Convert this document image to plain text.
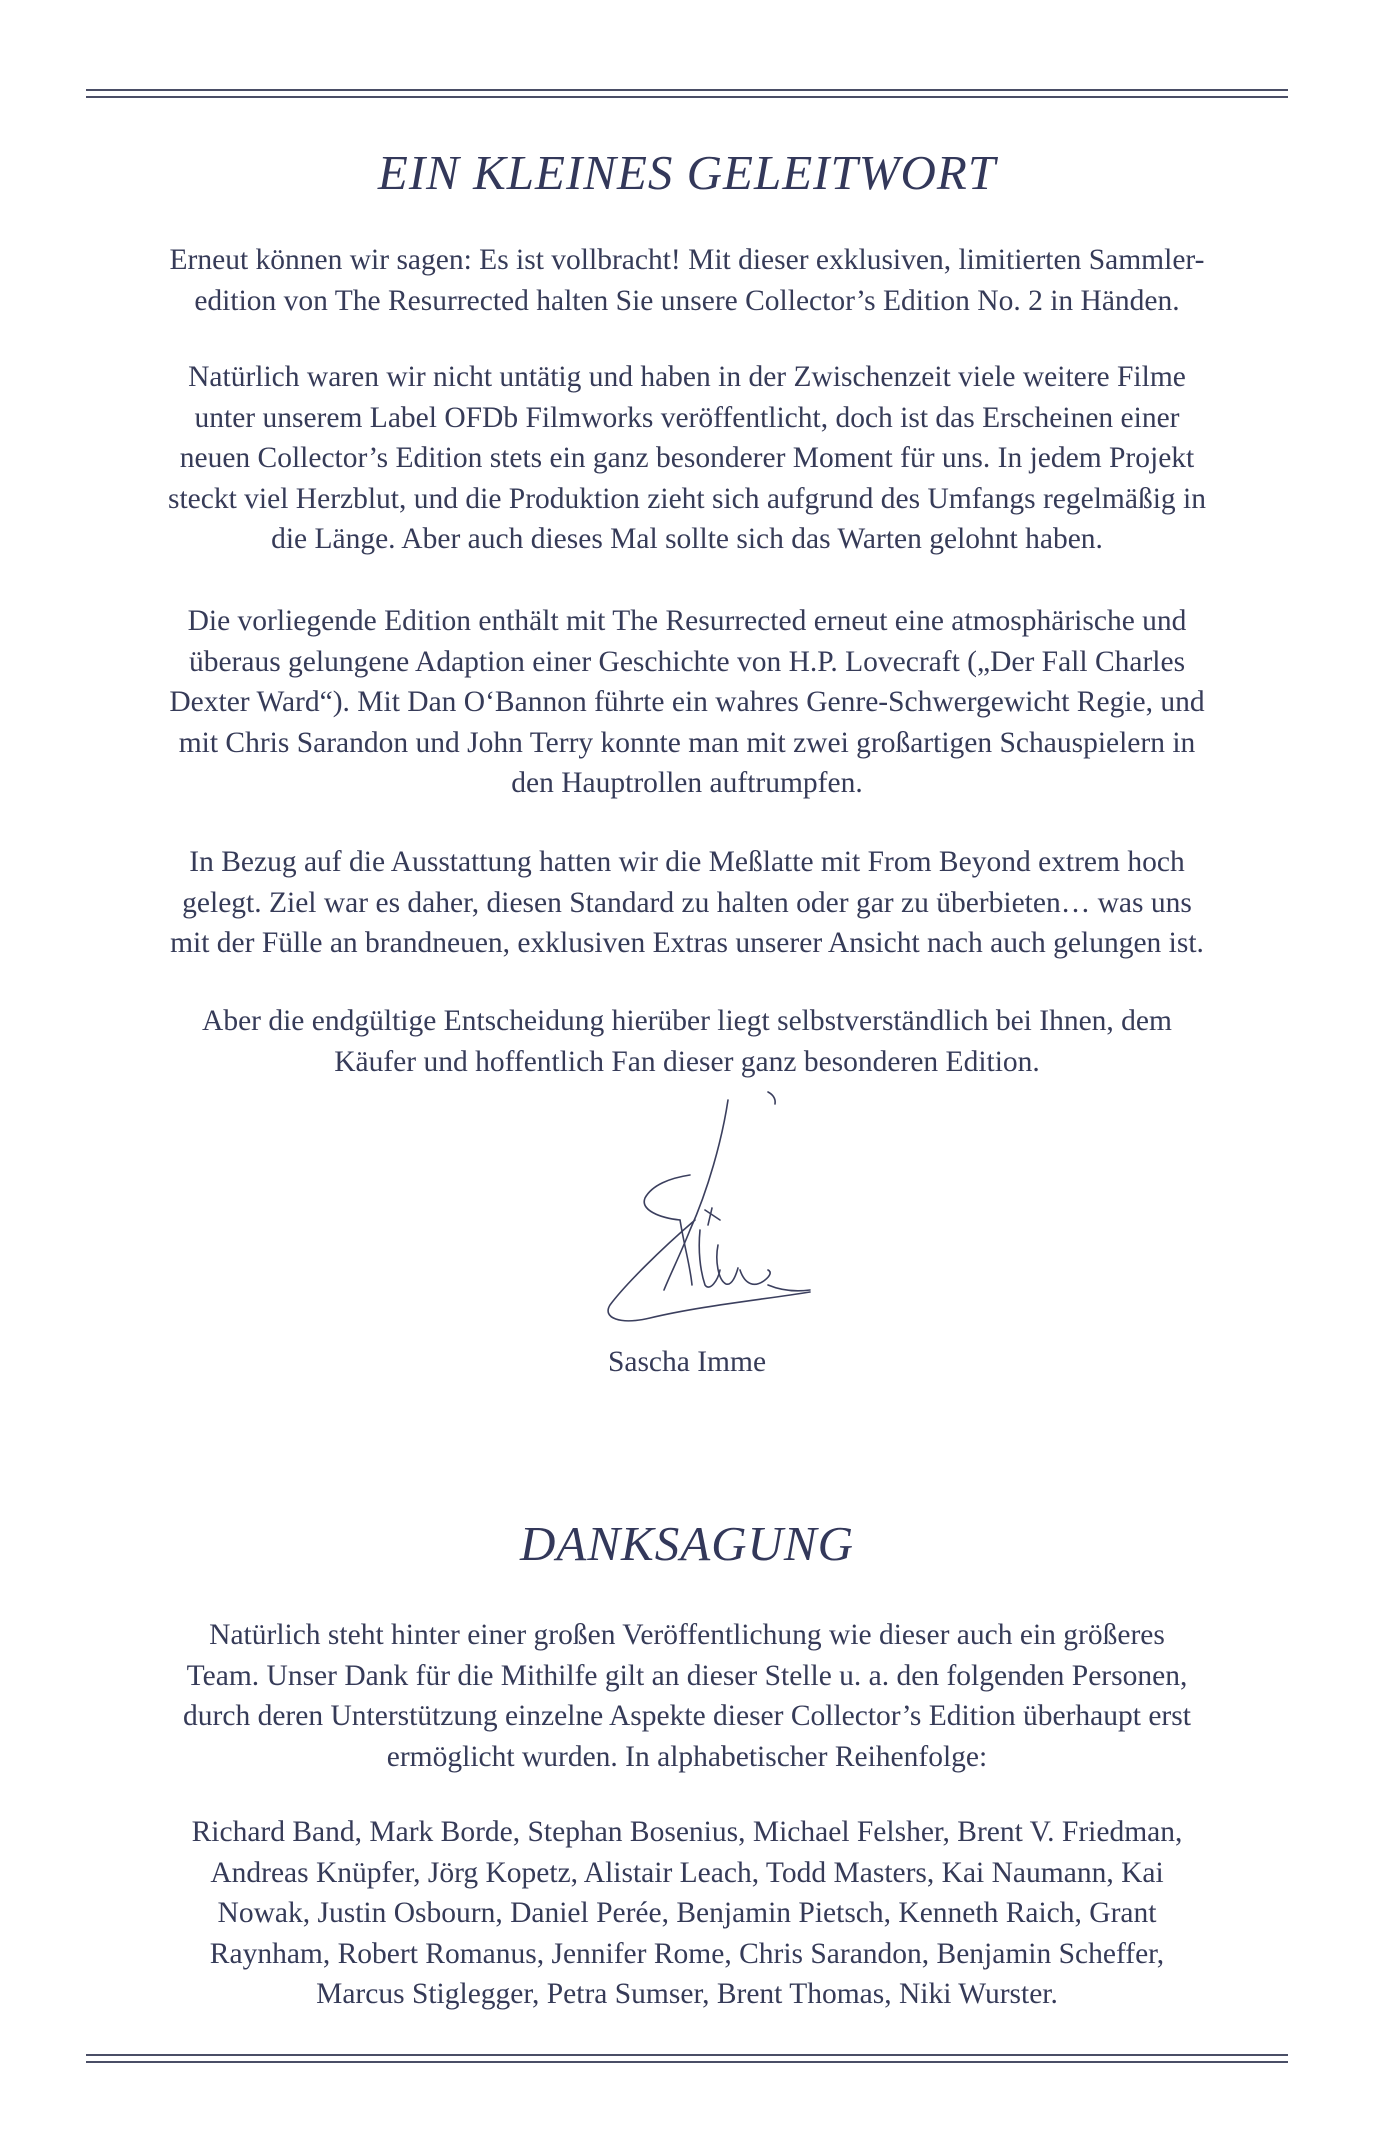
EIN KLEINES GELEITWORT

Erneut können wir sagen: Es ist vollbracht! Mit dieser exklusiven, limitierten Sammler-
edition von The Resurrected halten Sie unsere Collector’s Edition No. 2 in Händen.

Natürlich waren wir nicht untätig und haben in der Zwischenzeit viele weitere Filme
unter unserem Label OFDb Filmworks veröffentlicht, doch ist das Erscheinen einer
neuen Collector’s Edition stets ein ganz besonderer Moment für uns. In jedem Projekt
steckt viel Herzblut, und die Produktion zieht sich aufgrund des Umfangs regelmäßig in
die Länge. Aber auch dieses Mal sollte sich das Warten gelohnt haben.

Die vorliegende Edition enthält mit The Resurrected erneut eine atmosphärische und
überaus gelungene Adaption einer Geschichte von H.P. Lovecraft („Der Fall Charles
Dexter Ward“). Mit Dan O‘Bannon führte ein wahres Genre-Schwergewicht Regie, und
mit Chris Sarandon und John Terry konnte man mit zwei großartigen Schauspielern in
den Hauptrollen auftrumpfen.

In Bezug auf die Ausstattung hatten wir die Meßlatte mit From Beyond extrem hoch
gelegt. Ziel war es daher, diesen Standard zu halten oder gar zu überbieten… was uns
mit der Fülle an brandneuen, exklusiven Extras unserer Ansicht nach auch gelungen ist.

Aber die endgültige Entscheidung hierüber liegt selbstverständlich bei Ihnen, dem
Käufer und hoffentlich Fan dieser ganz besonderen Edition.

Sascha Imme

DANKSAGUNG

Natürlich steht hinter einer großen Veröffentlichung wie dieser auch ein größeres
Team. Unser Dank für die Mithilfe gilt an dieser Stelle u. a. den folgenden Personen,
durch deren Unterstützung einzelne Aspekte dieser Collector’s Edition überhaupt erst
ermöglicht wurden. In alphabetischer Reihenfolge:

Richard Band, Mark Borde, Stephan Bosenius, Michael Felsher, Brent V. Friedman,
Andreas Knüpfer, Jörg Kopetz, Alistair Leach, Todd Masters, Kai Naumann, Kai
Nowak, Justin Osbourn, Daniel Perée, Benjamin Pietsch, Kenneth Raich, Grant
Raynham, Robert Romanus, Jennifer Rome, Chris Sarandon, Benjamin Scheffer,
Marcus Stiglegger, Petra Sumser, Brent Thomas, Niki Wurster.
